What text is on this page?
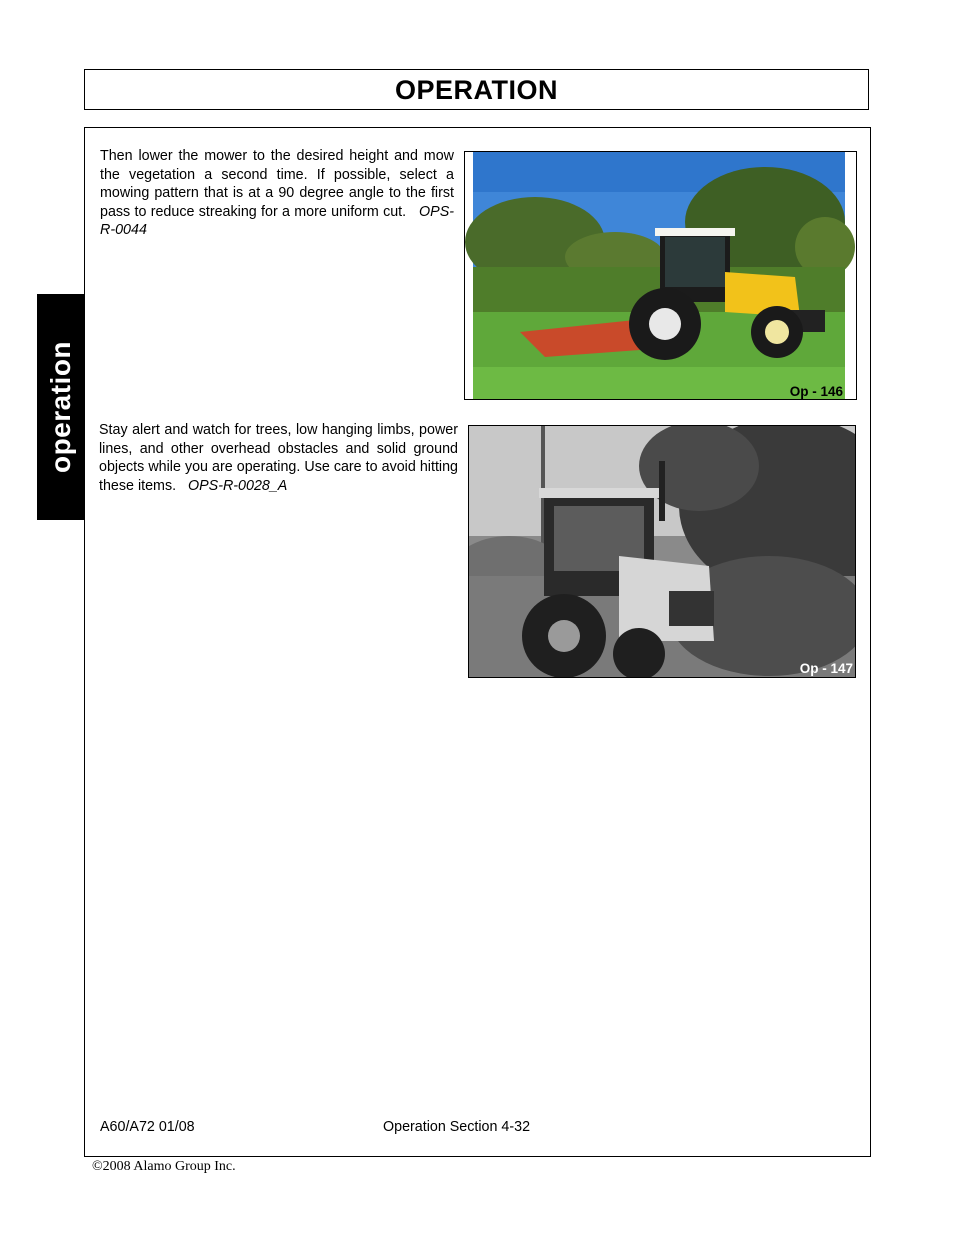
OPERATION
operation
Then lower the mower to the desired height and mow the vegetation a second time. If possible, select a mowing pattern that is at a 90 degree angle to the first pass to reduce streaking for a more uniform cut. OPS-R-0044
Op - 146
Stay alert and watch for trees, low hanging limbs, power lines, and other overhead obstacles and solid ground objects while you are operating. Use care to avoid hitting these items. OPS-R-0028_A
Op - 147
A60/A72 01/08	Operation Section 4-32
©2008 Alamo Group Inc.
